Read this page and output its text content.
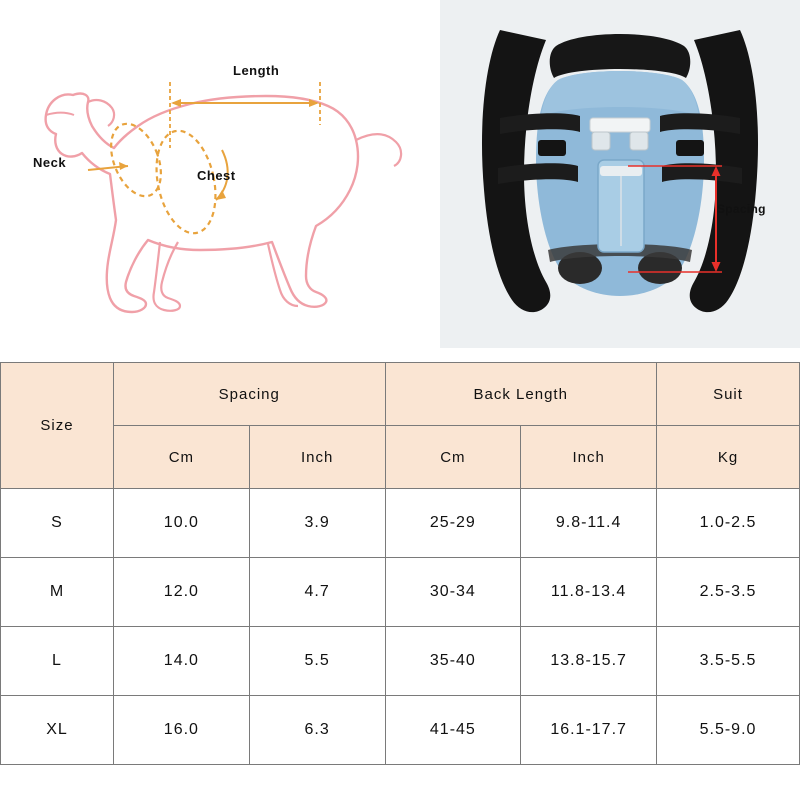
Length
Neck
Chest
Spacing
Size	Spacing		Back Length		Suit
	Cm	Inch	Cm	Inch	Kg
S	10.0	3.9	25-29	9.8-11.4	1.0-2.5
M	12.0	4.7	30-34	11.8-13.4	2.5-3.5
L	14.0	5.5	35-40	13.8-15.7	3.5-5.5
XL	16.0	6.3	41-45	16.1-17.7	5.5-9.0
